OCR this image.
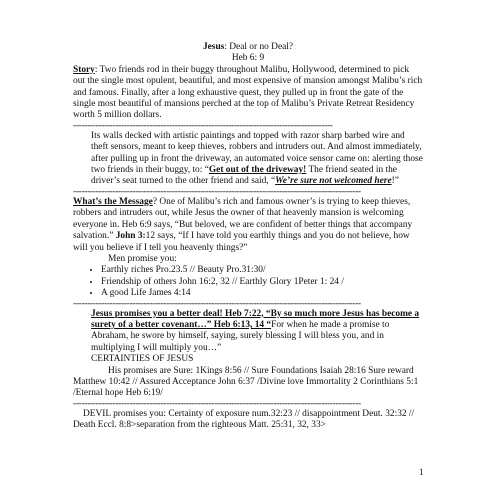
Jesus: Deal or no Deal?

Heb 6: 9

Story: Two friends rod in their buggy throughout Malibu, Hollywood, determined to pick out the single most opulent, beautiful, and most expensive of mansion amongst Malibu’s rich and famous. Finally, after a long exhaustive quest, they pulled up in front the gate of the single most beautiful of mansions perched at the top of Malibu’s Private Retreat Residency worth 5 million dollars.

--------------------------------------------------------------------------------------------

Its walls decked with artistic paintings and topped with razor sharp barbed wire and theft sensors, meant to keep thieves, robbers and intruders out. And almost immediately, after pulling up in front the driveway, an automated voice sensor came on: alerting those two friends in their buggy, to: “Get out of the driveway! The friend seated in the driver’s seat turned to the other friend and said, “We’re sure not welcomed here!”

------------------------------------------------------------------------------------------------------

What’s the Message? One of Malibu’s rich and famous owner’s is trying to keep thieves, robbers and intruders out, while Jesus the owner of that heavenly mansion is welcoming everyone in. Heb 6:9 says, “But beloved, we are confident of better things that accompany salvation.” John 3:12 says, “If I have told you earthly things and you do not believe, how will you believe if I tell you heavenly things?”

Men promise you:

• Earthly riches Pro.23.5 // Beauty Pro.31:30/
• Friendship of others John 16:2, 32 // Earthly Glory 1Peter 1: 24 /
• A good Life James 4:14

------------------------------------------------------------------------------------------------------

Jesus promises you a better deal! Heb 7:22, “By so much more Jesus has become a surety of a better covenant…” Heb 6:13, 14 “For when he made a promise to Abraham, he swore by himself, saying, surely blessing I will bless you, and in multiplying I will multiply you…”

CERTAINTIES OF JESUS

His promises are Sure: 1Kings 8:56 // Sure Foundations Isaiah 28:16 Sure reward Matthew 10:42 // Assured Acceptance John 6:37 /Divine love Immortality 2 Corinthians 5:1 /Eternal hope Heb 6:19/

------------------------------------------------------------------------------------------------------

DEVIL promises you: Certainty of exposure num.32:23 // disappointment Deut. 32:32 // Death Eccl. 8:8>separation from the righteous Matt. 25:31, 32, 33>

1
